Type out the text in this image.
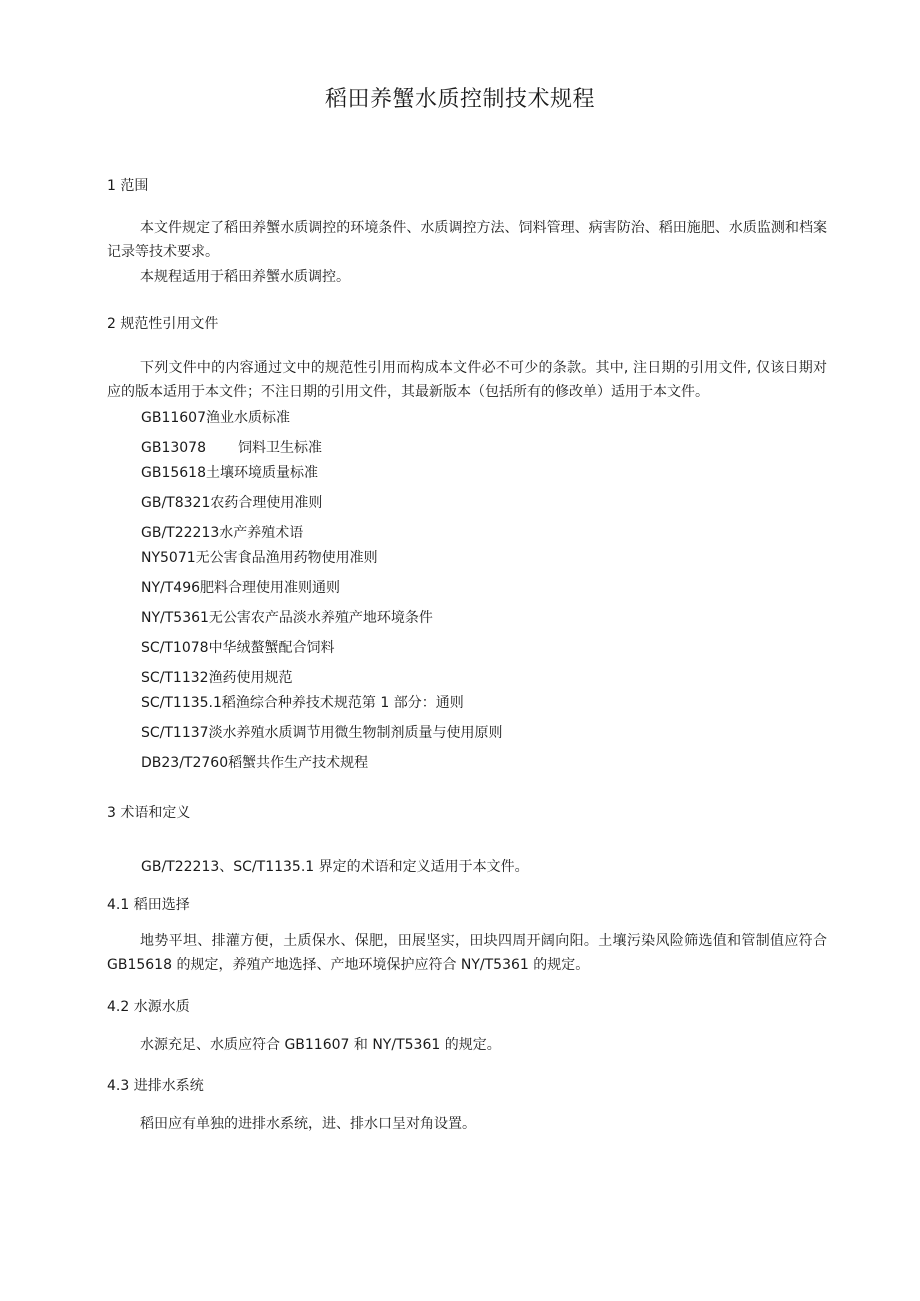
稻田养蟹水质控制技术规程
1 范围

本文件规定了稻田养蟹水质调控的环境条件、水质调控方法、饲料管理、病害防治、稻田施肥、水质监测和档案记录等技术要求。

本规程适用于稻田养蟹水质调控。

2 规范性引用文件

下列文件中的内容通过文中的规范性引用而构成本文件必不可少的条款。其中, 注日期的引用文件, 仅该日期对应的版本适用于本文件；不注日期的引用文件，其最新版本（包括所有的修改单）适用于本文件。

GB11607渔业水质标准
GB13078 饲料卫生标准
GB15618土壤环境质量标准
GB/T8321农药合理使用准则
GB/T22213水产养殖术语
NY5071无公害食品渔用药物使用准则
NY/T496肥料合理使用准则通则
NY/T5361无公害农产品淡水养殖产地环境条件
SC/T1078中华绒螯蟹配合饲料
SC/T1132渔药使用规范
SC/T1135.1稻渔综合种养技术规范第 1 部分：通则
SC/T1137淡水养殖水质调节用微生物制剂质量与使用原则
DB23/T2760稻蟹共作生产技术规程
3 术语和定义

GB/T22213、SC/T1135.1 界定的术语和定义适用于本文件。

4.1 稻田选择

地势平坦、排灌方便，土质保水、保肥，田展坚实，田块四周开阔向阳。土壤污染风险筛选值和管制值应符合 GB15618 的规定，养殖产地选择、产地环境保护应符合 NY/T5361 的规定。

4.2 水源水质

水源充足、水质应符合 GB11607 和 NY/T5361 的规定。

4.3 进排水系统

稻田应有单独的进排水系统，进、排水口呈对角设置。
